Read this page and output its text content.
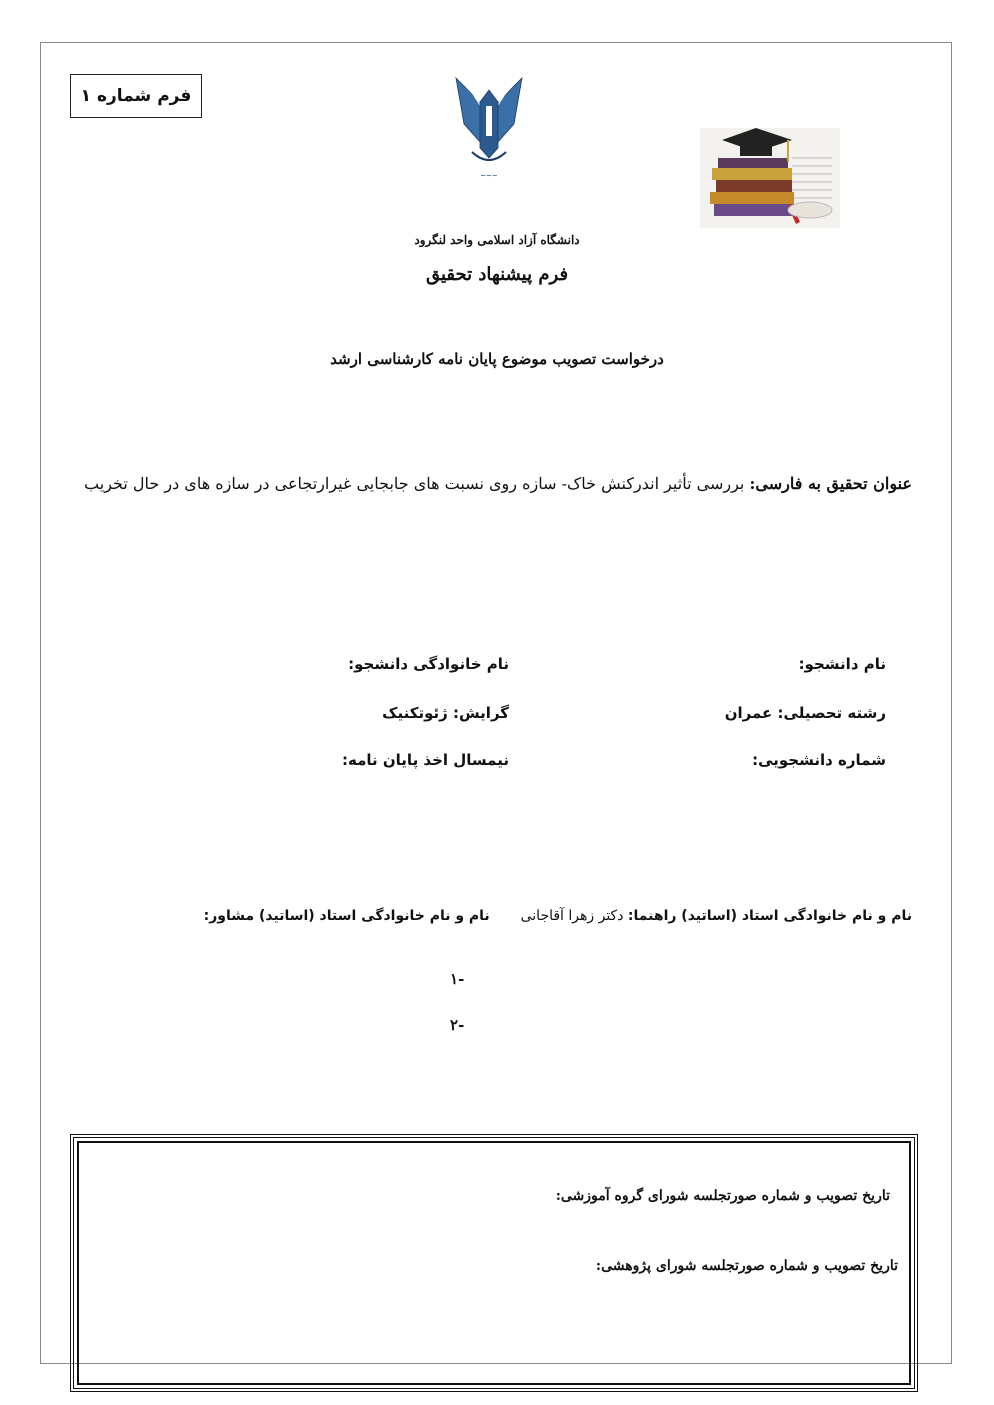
فرم شماره ۱
~~~
دانشگاه آزاد اسلامی واحد لنگرود
فرم پیشنهاد تحقیق
درخواست تصویب موضوع پایان نامه کارشناسی ارشد
عنوان تحقیق به فارسی: بررسی تأثیر اندرکنش خاک- سازه روی نسبت های جابجایی غیرارتجاعی در سازه های در حال تخریب
نام دانشجو:
نام خانوادگی دانشجو:
رشته تحصیلی: عمران
گرایش: ژئوتکنیک
شماره دانشجویی:
نیمسال اخذ پایان نامه:
نام و نام خانوادگی استاد (اساتید) راهنما: دکتر زهرا آقاجانی  نام و نام خانوادگی استاد (اساتید) مشاور:
-۱
-۲
تاریخ تصویب و شماره صورتجلسه شورای گروه آموزشی:
تاریخ تصویب و شماره صورتجلسه شورای پژوهشی:
